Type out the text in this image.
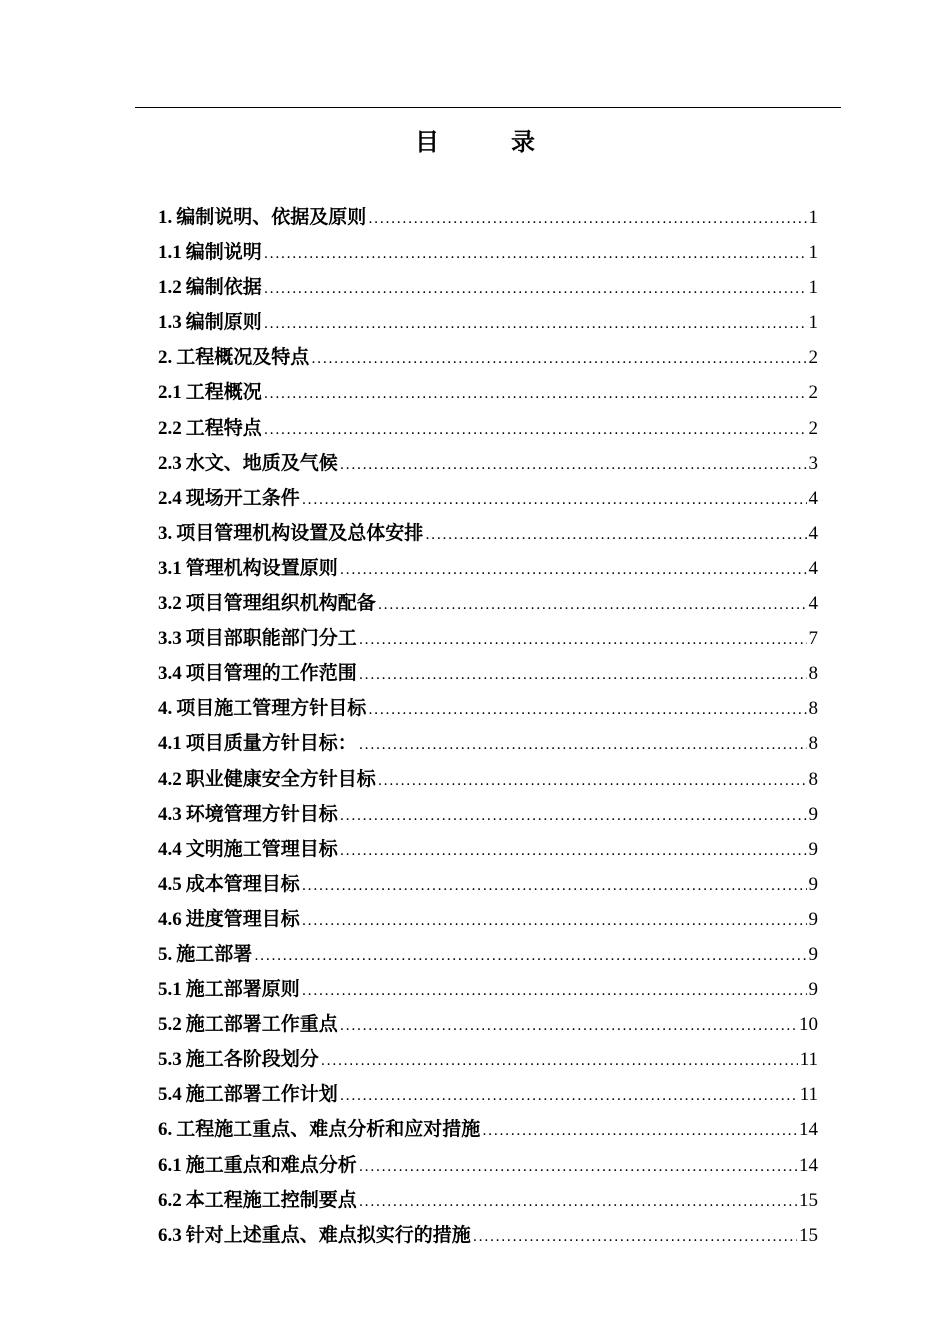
目	录
1. 编制说明、依据及原则 .....	1
1.1 编制说明 .....	1
1.2 编制依据 .....	1
1.3 编制原则 .....	1
2. 工程概况及特点 .....	2
2.1 工程概况 .....	2
2.2 工程特点 .....	2
2.3 水文、地质及气候 .....	3
2.4 现场开工条件 .....	4
3. 项目管理机构设置及总体安排 .....	4
3.1 管理机构设置原则 .....	4
3.2 项目管理组织机构配备 .....	4
3.3 项目部职能部门分工 .....	7
3.4 项目管理的工作范围 .....	8
4. 项目施工管理方针目标 .....	8
4.1 项目质量方针目标： .....	8
4.2 职业健康安全方针目标 .....	8
4.3 环境管理方针目标 .....	9
4.4 文明施工管理目标 .....	9
4.5 成本管理目标 .....	9
4.6 进度管理目标 .....	9
5. 施工部署 .....	9
5.1 施工部署原则 .....	9
5.2 施工部署工作重点 .....	10
5.3 施工各阶段划分 .....	11
5.4 施工部署工作计划 .....	11
6. 工程施工重点、难点分析和应对措施 .....	14
6.1 施工重点和难点分析 .....	14
6.2 本工程施工控制要点 .....	15
6.3 针对上述重点、难点拟实行的措施 .....	15
